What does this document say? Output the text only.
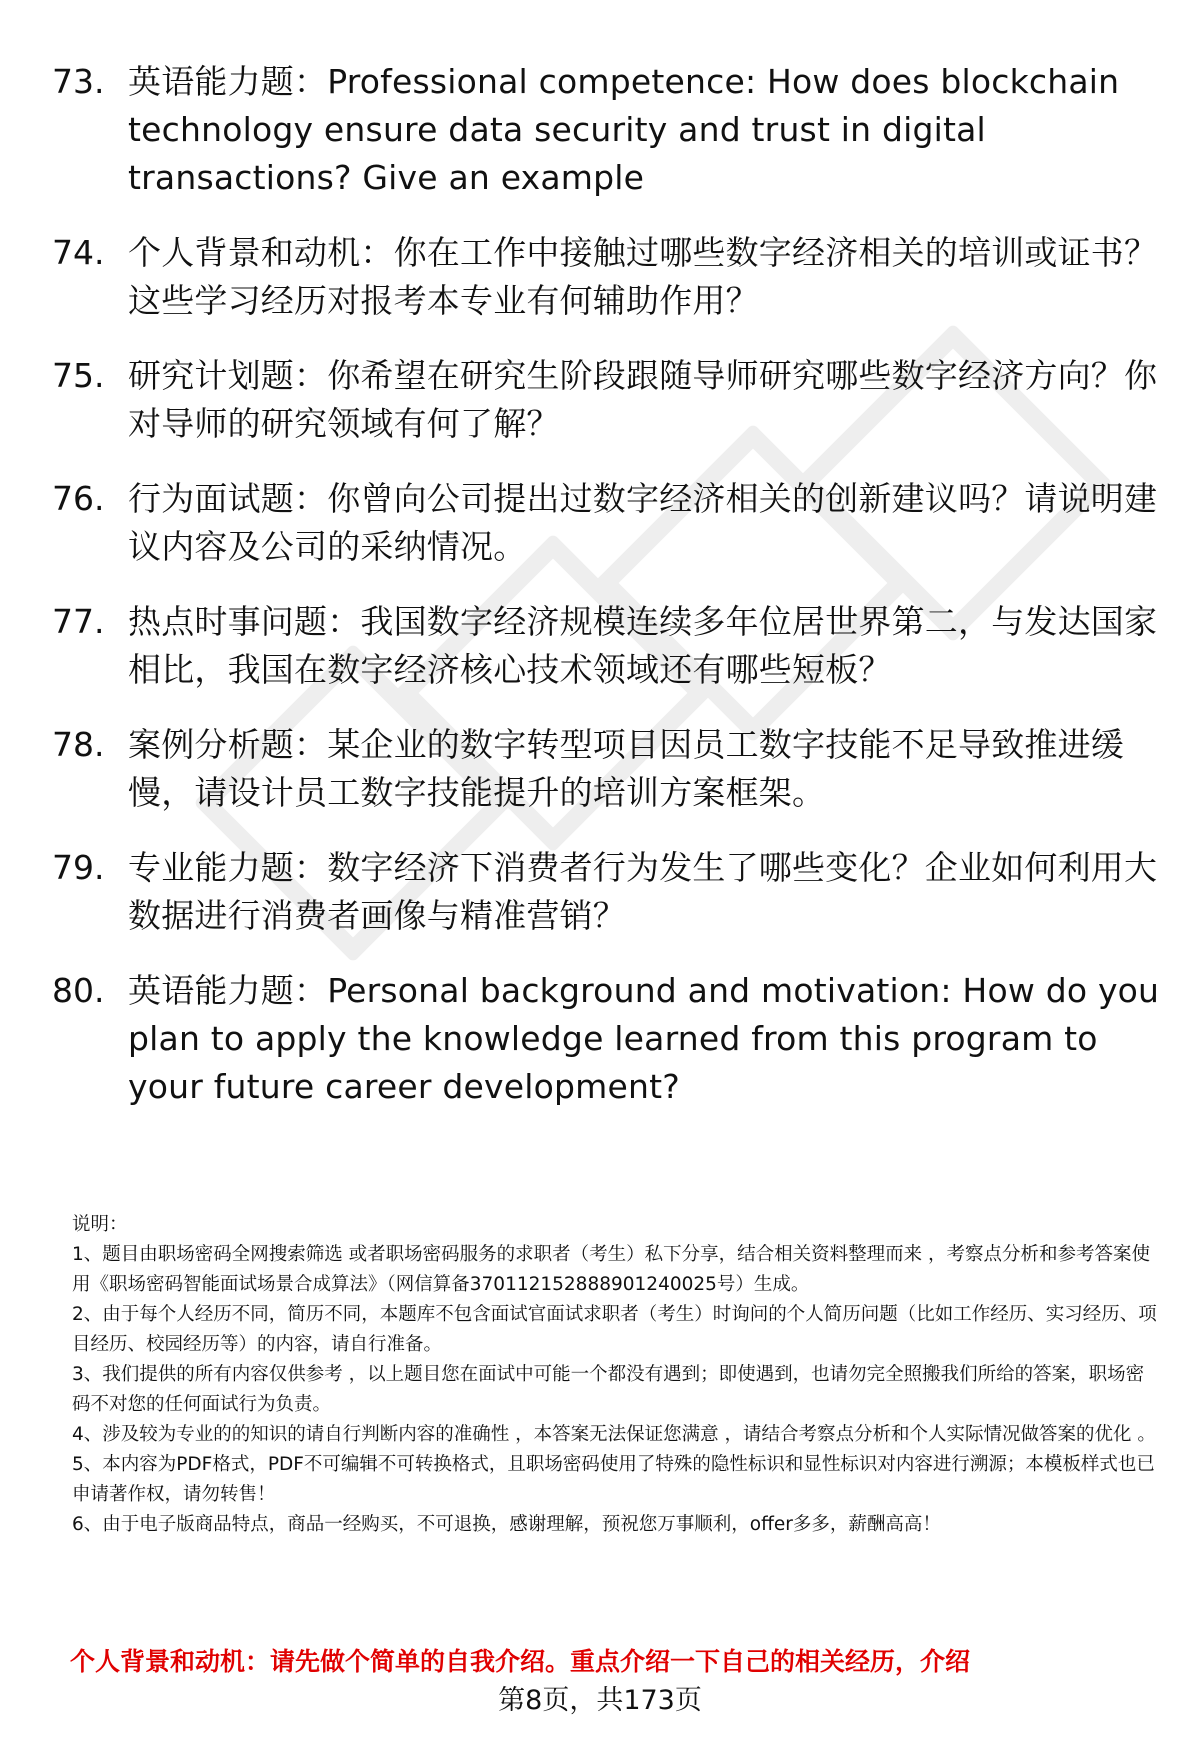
73. 英语能力题：Professional competence: How does blockchain technology ensure data security and trust in digital transactions? Give an example
74. 个人背景和动机：你在工作中接触过哪些数字经济相关的培训或证书？这些学习经历对报考本专业有何辅助作用？
75. 研究计划题：你希望在研究生阶段跟随导师研究哪些数字经济方向？你对导师的研究领域有何了解？
76. 行为面试题：你曾向公司提出过数字经济相关的创新建议吗？请说明建议内容及公司的采纳情况。
77. 热点时事问题：我国数字经济规模连续多年位居世界第二，与发达国家相比，我国在数字经济核心技术领域还有哪些短板？
78. 案例分析题：某企业的数字转型项目因员工数字技能不足导致推进缓慢，请设计员工数字技能提升的培训方案框架。
79. 专业能力题：数字经济下消费者行为发生了哪些变化？企业如何利用大数据进行消费者画像与精准营销？
80. 英语能力题：Personal background and motivation: How do you plan to apply the knowledge learned from this program to your future career development?

说明：

1、题目由职场密码全网搜索筛选 或者职场密码服务的求职者（考生）私下分享，结合相关资料整理而来 ，考察点分析和参考答案使用《职场密码智能面试场景合成算法》（网信算备370112152888901240025号）生成。

2、由于每个人经历不同，简历不同，本题库不包含面试官面试求职者（考生）时询问的个人简历问题（比如工作经历、实习经历、项目经历、校园经历等）的内容，请自行准备。

3、我们提供的所有内容仅供参考 ，以上题目您在面试中可能一个都没有遇到；即使遇到，也请勿完全照搬我们所给的答案，职场密码不对您的任何面试行为负责。

4、涉及较为专业的的知识的请自行判断内容的准确性 ，本答案无法保证您满意 ，请结合考察点分析和个人实际情况做答案的优化 。

5、本内容为PDF格式，PDF不可编辑不可转换格式，且职场密码使用了特殊的隐性标识和显性标识对内容进行溯源；本模板样式也已申请著作权，请勿转售！

6、由于电子版商品特点，商品一经购买，不可退换，感谢理解，预祝您万事顺利，offer多多，薪酬高高！

个人背景和动机：请先做个简单的自我介绍。重点介绍一下自己的相关经历，介绍
第8页，共173页
